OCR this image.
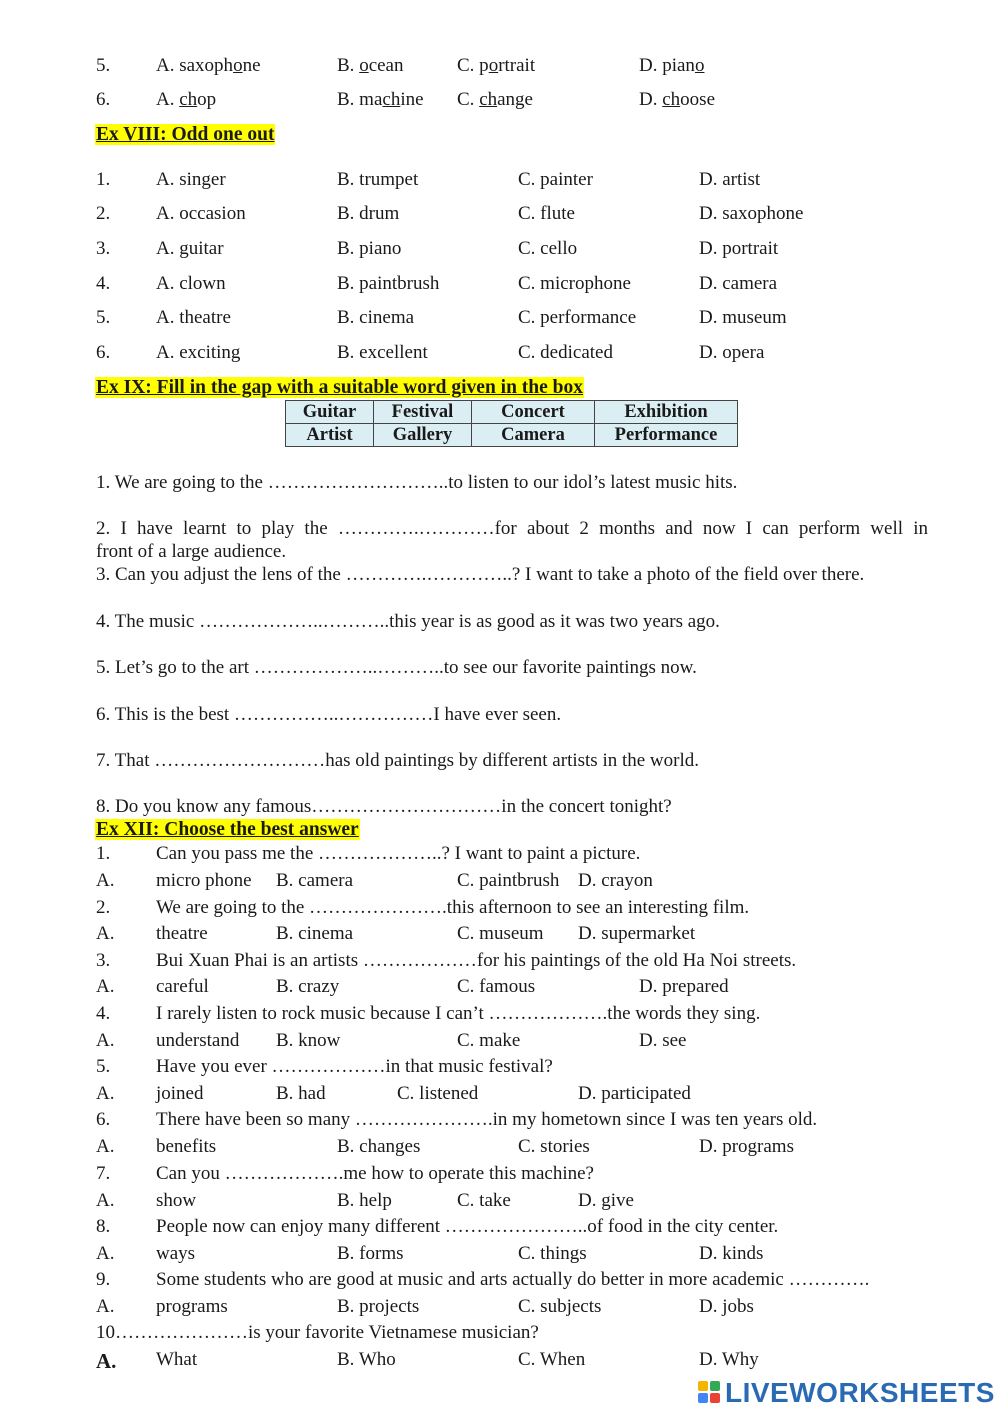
5. A. saxophone	B. ocean	C. portrait	D. piano
6. A. chop	B. machine C. change	D. choose
Ex VIII: Odd one out
1. A. singer	B. trumpet	C. painter	D. artist
2. A. occasion	B. drum	C. flute	D. saxophone
3. A. guitar	B. piano	C. cello	D. portrait
4. A. clown	B. paintbrush	C. microphone	D. camera
5. A. theatre	B. cinema	C. performance	D. museum
6. A. exciting	B. excellent	C. dedicated	D. opera
Ex IX: Fill in the gap with a suitable word given in the box
Guitar	Festival	Concert	Exhibition
Artist	Gallery	Camera	Performance
1. We are going to the ………………………..to listen to our idol’s latest music hits.
2. I have learnt to play the ………….…………for about 2 months and now I can perform well in
front of a large audience.
3. Can you adjust the lens of the ………….…………..? I want to take a photo of the field over there.
4. The music ………………..………..this year is as good as it was two years ago.
5. Let’s go to the art ………………..………..to see our favorite paintings now.
6. This is the best ……………..……………I have ever seen.
7. That ………………………has old paintings by different artists in the world.
8. Do you know any famous…………………………in the concert tonight?
Ex XII: Choose the best answer
1. Can you pass me the ………………..? I want to paint a picture.
A. micro phone B. camera	C. paintbrush D. crayon
2. We are going to the ………………….this afternoon to see an interesting film.
A. theatre	B. cinema	C. museum D. supermarket
3. Bui Xuan Phai is an artists ………………for his paintings of the old Ha Noi streets.
A. careful	B. crazy	C. famous	D. prepared
4. I rarely listen to rock music because I can’t ……………….the words they sing.
A. understand B. know	C. make	D. see
5. Have you ever ………………in that music festival?
A. joined	B. had	C. listened	D. participated
6. There have been so many ………………….in my hometown since I was ten years old.
A. benefits	B. changes	C. stories	D. programs
7. Can you ……………….me how to operate this machine?
A. show	B. help	C. take	D. give
8. People now can enjoy many different …………………..of food in the city center.
A. ways	B. forms	C. things	D. kinds
9. Some students who are good at music and arts actually do better in more academic ………….
A. programs	B. projects	C. subjects	D. jobs
10…………………is your favorite Vietnamese musician?
A. What	B. Who	C. When	D. Why
LIVEWORKSHEETS
